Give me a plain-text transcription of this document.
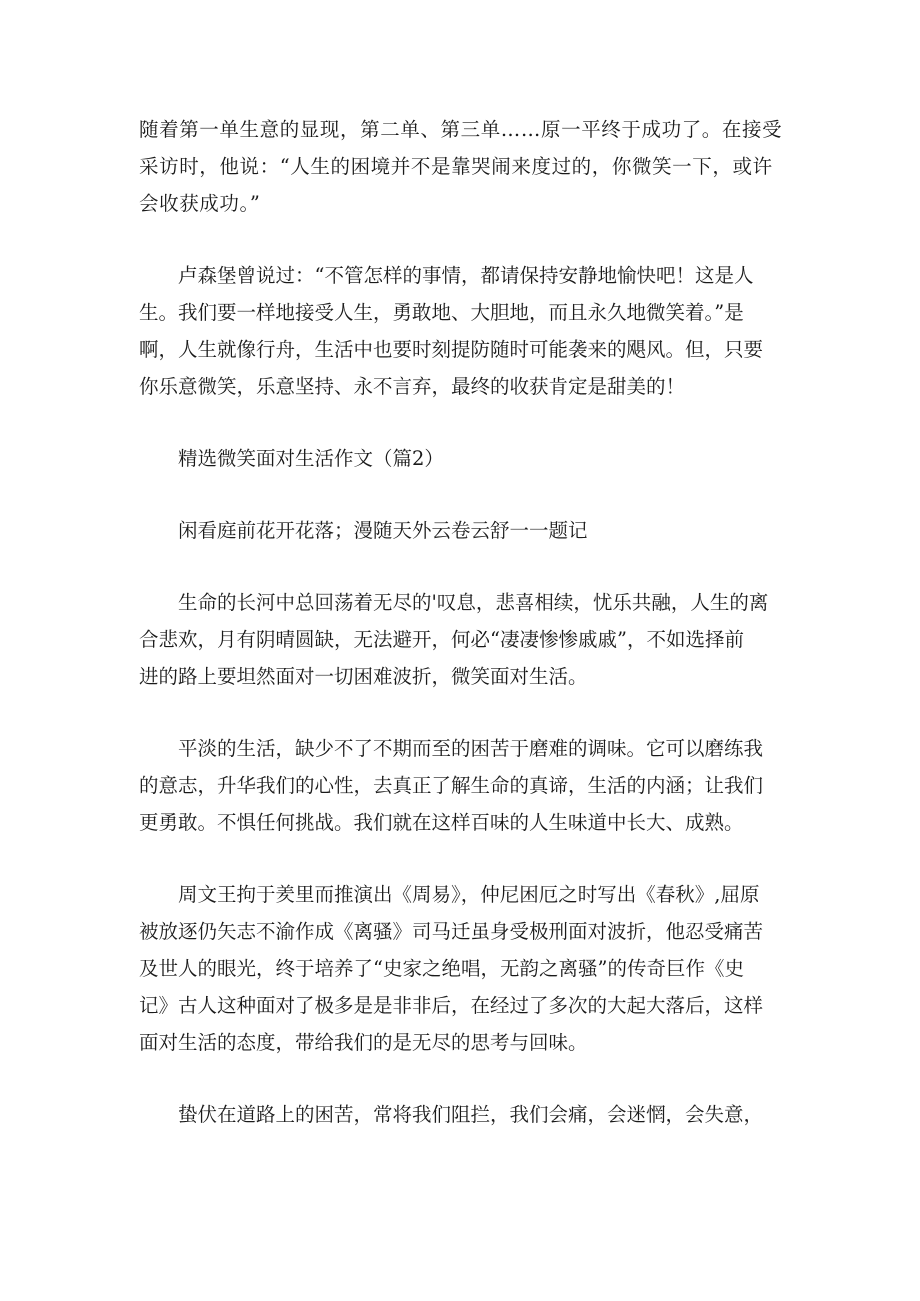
随着第一单生意的显现，第二单、第三单……原一平终于成功了。在接受
采访时，他说：“人生的困境并不是靠哭闹来度过的，你微笑一下，或许
会收获成功。”

卢森堡曾说过：“不管怎样的事情，都请保持安静地愉快吧！这是人
生。我们要一样地接受人生，勇敢地、大胆地，而且永久地微笑着。”是
啊，人生就像行舟，生活中也要时刻提防随时可能袭来的飓风。但，只要
你乐意微笑，乐意坚持、永不言弃，最终的收获肯定是甜美的！

精选微笑面对生活作文（篇2）

闲看庭前花开花落；漫随天外云卷云舒一一题记

生命的长河中总回荡着无尽的'叹息，悲喜相续，忧乐共融，人生的离
合悲欢，月有阴晴圆缺，无法避开，何必“凄凄惨惨戚戚”，不如选择前
进的路上要坦然面对一切困难波折，微笑面对生活。

平淡的生活，缺少不了不期而至的困苦于磨难的调味。它可以磨练我
的意志，升华我们的心性，去真正了解生命的真谛，生活的内涵；让我们
更勇敢。不惧任何挑战。我们就在这样百味的人生味道中长大、成熟。

周文王拘于羑里而推演出《周易》，仲尼困厄之时写出《春秋》,屈原
被放逐仍矢志不渝作成《离骚》司马迁虽身受极刑面对波折，他忍受痛苦
及世人的眼光，终于培养了“史家之绝唱，无韵之离骚”的传奇巨作《史
记》古人这种面对了极多是是非非后，在经过了多次的大起大落后，这样
面对生活的态度，带给我们的是无尽的思考与回味。

蛰伏在道路上的困苦，常将我们阻拦，我们会痛，会迷惘，会失意，
